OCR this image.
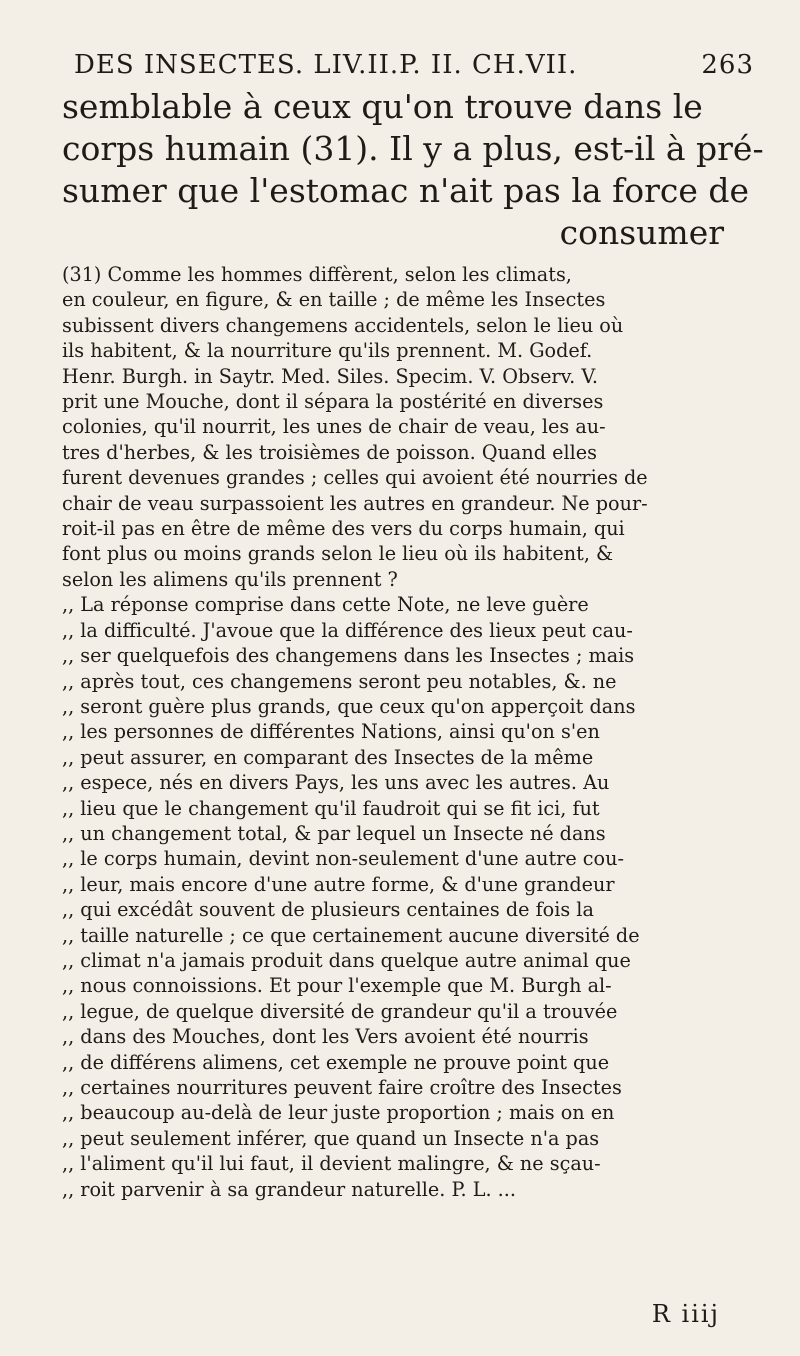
DES INSECTES. LIV.II.P. II. CH.VII.	263
semblable à ceux qu'on trouve dans le
corps humain (31). Il y a plus, est-il à pré-
sumer que l'estomac n'ait pas la force de
consumer
(31) Comme les hommes diffèrent, selon les climats,
en couleur, en figure, & en taille ; de même les Insectes
subissent divers changemens accidentels, selon le lieu où
ils habitent, & la nourriture qu'ils prennent. M. Godef.
Henr. Burgh. in Saytr. Med. Siles. Specim. V. Observ. V.
prit une Mouche, dont il sépara la postérité en diverses
colonies, qu'il nourrit, les unes de chair de veau, les au-
tres d'herbes, & les troisièmes de poisson. Quand elles
furent devenues grandes ; celles qui avoient été nourries de
chair de veau surpassoient les autres en grandeur. Ne pour-
roit-il pas en être de même des vers du corps humain, qui
font plus ou moins grands selon le lieu où ils habitent, &
selon les alimens qu'ils prennent ?
,, La réponse comprise dans cette Note, ne leve guère
,, la difficulté. J'avoue que la différence des lieux peut cau-
,, ser quelquefois des changemens dans les Insectes ; mais
,, après tout, ces changemens seront peu notables, &. ne
,, seront guère plus grands, que ceux qu'on apperçoit dans
,, les personnes de différentes Nations, ainsi qu'on s'en
,, peut assurer, en comparant des Insectes de la même
,, espece, nés en divers Pays, les uns avec les autres. Au
,, lieu que le changement qu'il faudroit qui se fit ici, fut
,, un changement total, & par lequel un Insecte né dans
,, le corps humain, devint non-seulement d'une autre cou-
,, leur, mais encore d'une autre forme, & d'une grandeur
,, qui excédât souvent de plusieurs centaines de fois la
,, taille naturelle ; ce que certainement aucune diversité de
,, climat n'a jamais produit dans quelque autre animal que
,, nous connoissions. Et pour l'exemple que M. Burgh al-
,, legue, de quelque diversité de grandeur qu'il a trouvée
,, dans des Mouches, dont les Vers avoient été nourris
,, de différens alimens, cet exemple ne prouve point que
,, certaines nourritures peuvent faire croître des Insectes
,, beaucoup au-delà de leur juste proportion ; mais on en
,, peut seulement inférer, que quand un Insecte n'a pas
,, l'aliment qu'il lui faut, il devient malingre, & ne sçau-
,, roit parvenir à sa grandeur naturelle. P. L. ...
R iiij
